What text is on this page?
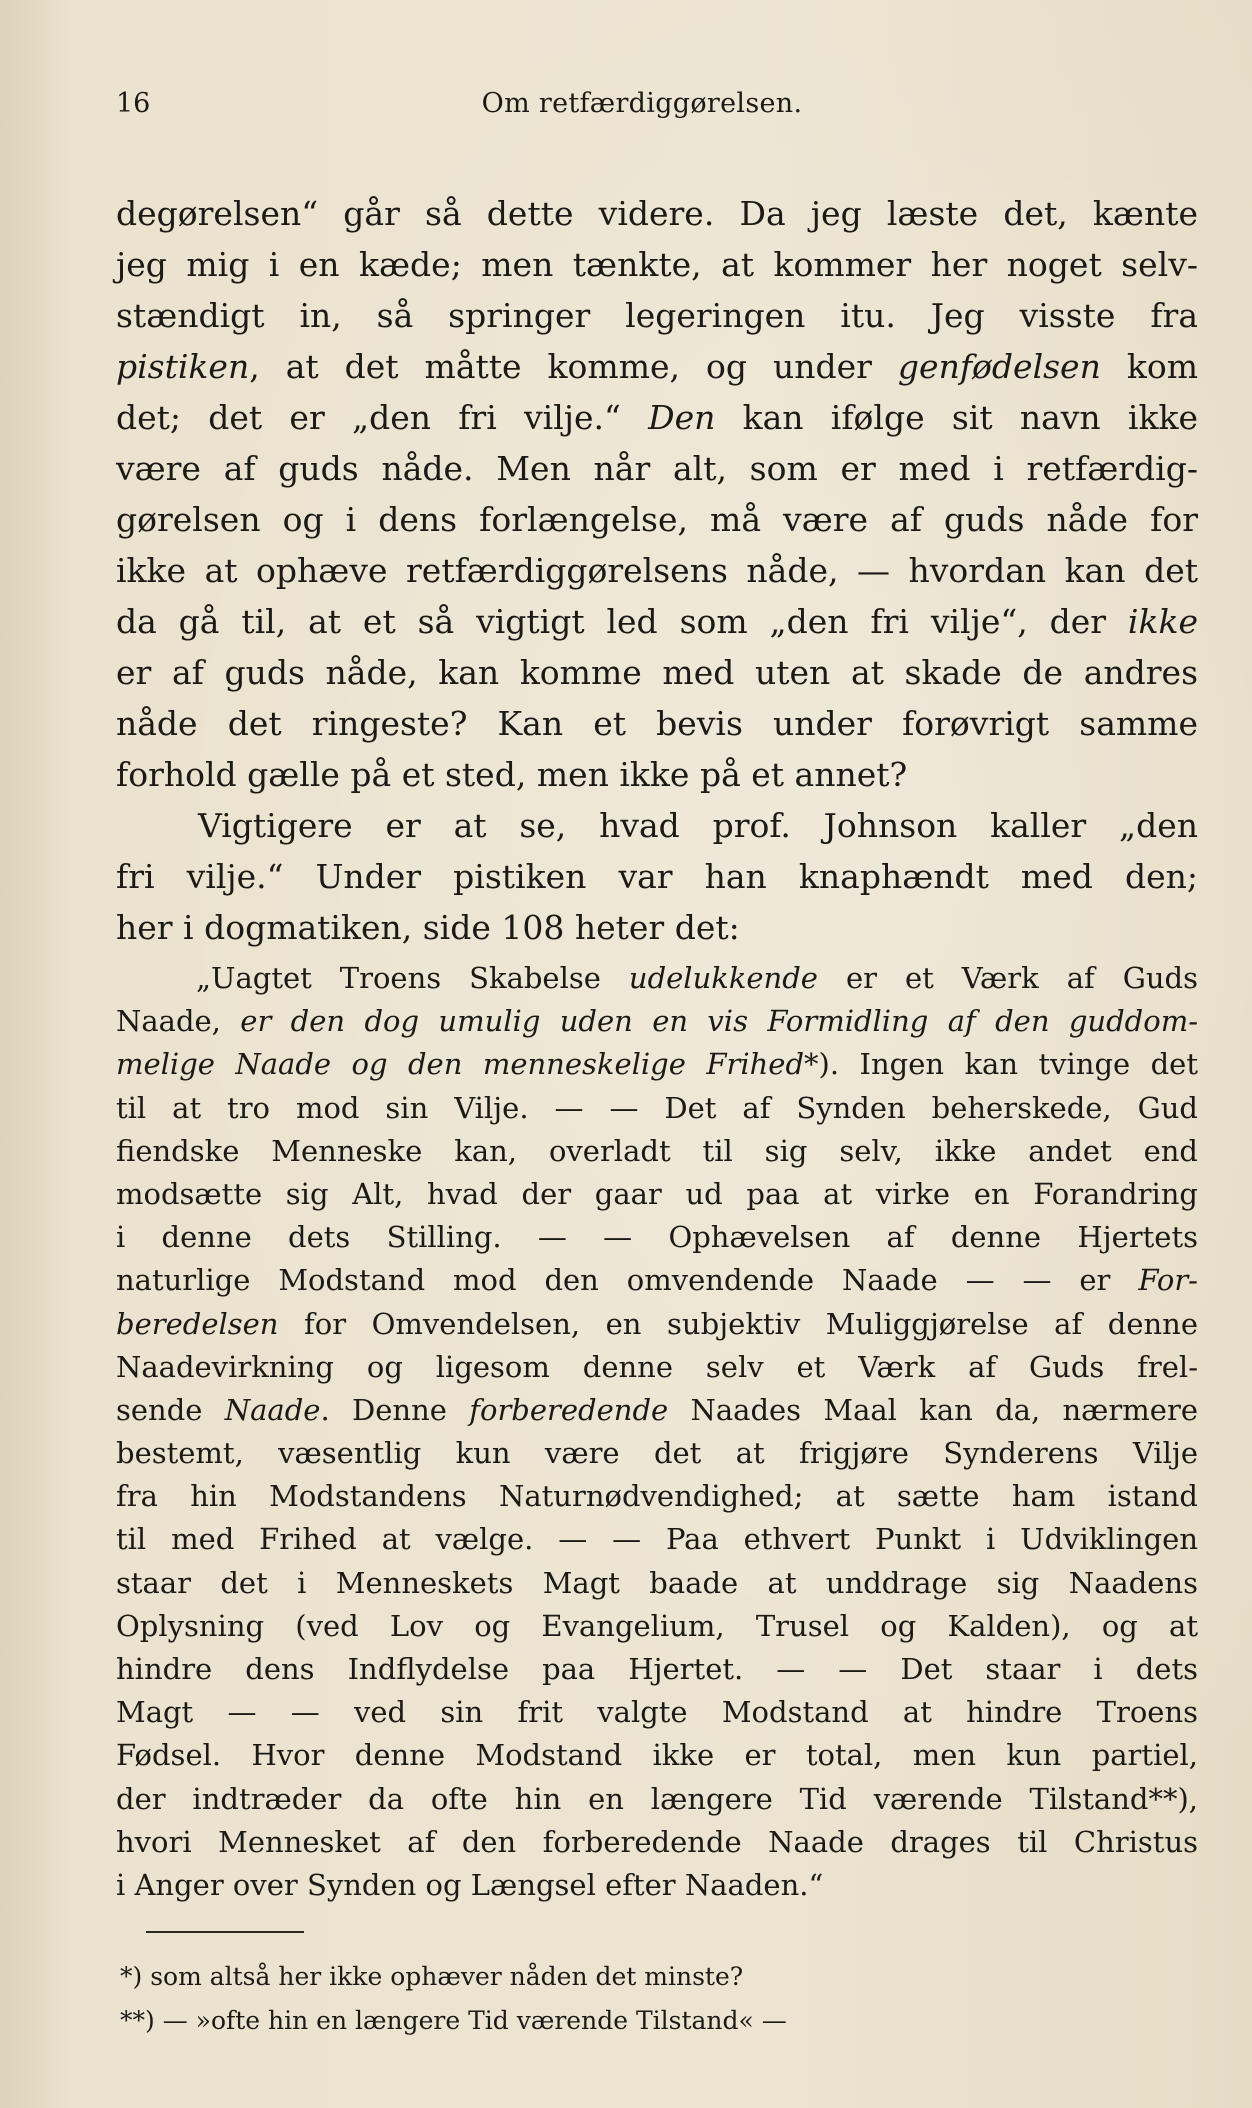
16	Om retfærdiggørelsen.
degørelsen“ går så dette videre. Da jeg læste det, kænte
jeg mig i en kæde; men tænkte, at kommer her noget selv-
stændigt in, så springer legeringen itu. Jeg visste fra
pistiken, at det måtte komme, og under genfødelsen kom
det; det er „den fri vilje.“ Den kan ifølge sit navn ikke
være af guds nåde. Men når alt, som er med i retfærdig-
gørelsen og i dens forlængelse, må være af guds nåde for
ikke at ophæve retfærdiggørelsens nåde, — hvordan kan det
da gå til, at et så vigtigt led som „den fri vilje“, der ikke
er af guds nåde, kan komme med uten at skade de andres
nåde det ringeste? Kan et bevis under forøvrigt samme
forhold gælle på et sted, men ikke på et annet?
Vigtigere er at se, hvad prof. Johnson kaller „den
fri vilje.“ Under pistiken var han knaphændt med den;
her i dogmatiken, side 108 heter det:
„Uagtet Troens Skabelse udelukkende er et Værk af Guds
Naade, er den dog umulig uden en vis Formidling af den guddom-
melige Naade og den menneskelige Frihed*). Ingen kan tvinge det
til at tro mod sin Vilje. — — Det af Synden beherskede, Gud
fiendske Menneske kan, overladt til sig selv, ikke andet end
modsætte sig Alt, hvad der gaar ud paa at virke en Forandring
i denne dets Stilling. — — Ophævelsen af denne Hjertets
naturlige Modstand mod den omvendende Naade — — er For-
beredelsen for Omvendelsen, en subjektiv Muliggjørelse af denne
Naadevirkning og ligesom denne selv et Værk af Guds frel-
sende Naade. Denne forberedende Naades Maal kan da, nærmere
bestemt, væsentlig kun være det at frigjøre Synderens Vilje
fra hin Modstandens Naturnødvendighed; at sætte ham istand
til med Frihed at vælge. — — Paa ethvert Punkt i Udviklingen
staar det i Menneskets Magt baade at unddrage sig Naadens
Oplysning (ved Lov og Evangelium, Trusel og Kalden), og at
hindre dens Indflydelse paa Hjertet. — — Det staar i dets
Magt — — ved sin frit valgte Modstand at hindre Troens
Fødsel. Hvor denne Modstand ikke er total, men kun partiel,
der indtræder da ofte hin en længere Tid værende Tilstand**),
hvori Mennesket af den forberedende Naade drages til Christus
i Anger over Synden og Længsel efter Naaden.“
*) som altså her ikke ophæver nåden det minste?
**) — »ofte hin en længere Tid værende Tilstand« —
